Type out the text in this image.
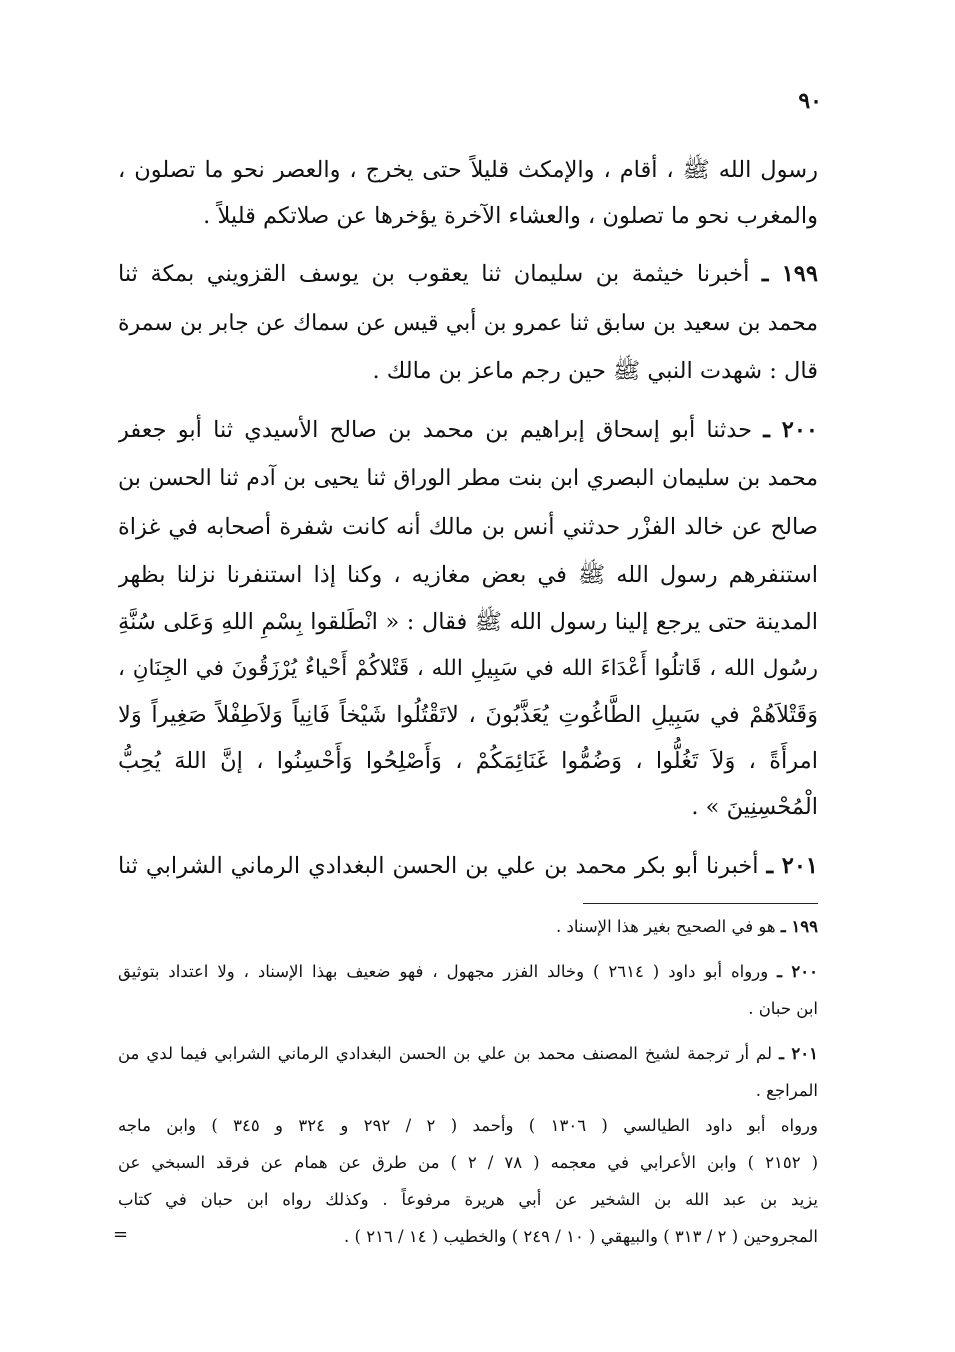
٩٠
رسول الله ﷺ ، أقام ، والإمكث قليلاً حتى يخرج ، والعصر نحو ما تصلون ،
والمغرب نحو ما تصلون ، والعشاء الآخرة يؤخرها عن صلاتكم قليلاً .
١٩٩ ـ أخبرنا خيثمة بن سليمان ثنا يعقوب بن يوسف القزويني بمكة ثنا
محمد بن سعيد بن سابق ثنا عمرو بن أبي قيس عن سماك عن جابر بن سمرة
قال : شهدت النبي ﷺ حين رجم ماعز بن مالك .
٢٠٠ ـ حدثنا أبو إسحاق إبراهيم بن محمد بن صالح الأسيدي ثنا أبو جعفر
محمد بن سليمان البصري ابن بنت مطر الوراق ثنا يحيى بن آدم ثنا الحسن بن
صالح عن خالد الفزْر حدثني أنس بن مالك أنه كانت شفرة أصحابه في غزاة
استنفرهم رسول الله ﷺ في بعض مغازيه ، وكنا إذا استنفرنا نزلنا بظهر
المدينة حتى يرجع إلينا رسول الله ﷺ فقال : « انْطَلقوا بِسْمِ اللهِ وَعَلى سُنَّةِ
رسُول الله ، قَاتلُوا أَعْدَاءَ الله في سَبِيلِ الله ، قَتْلاكُمْ أَحْياءٌ يُرْزَقُونَ في الجِنَانِ ،
وَقَتْلاَهُمْ في سَبِيلِ الطَّاغُوتِ يُعَذَّبُونَ ، لاتَقْتُلُوا شَيْخاً فَانِياً وَلاَطِفْلاً صَغِيراً وَلا
امرأَةً ، وَلاَ تَغُلُّوا ، وَضُمُّوا غَنَائِمَكُمْ ، وَأَصْلِحُوا وَأَحْسِنُوا ، إنَّ اللهَ يُحِبُّ
الْمُحْسِنِينَ » .
٢٠١ ـ أخبرنا أبو بكر محمد بن علي بن الحسن البغدادي الرماني الشرابي ثنا
١٩٩ ـ هو في الصحيح بغير هذا الإسناد .
٢٠٠ ـ ورواه أبو داود ( ٢٦١٤ ) وخالد الفزر مجهول ، فهو ضعيف بهذا الإسناد ، ولا اعتداد بتوثيق
ابن حبان .
٢٠١ ـ لم أر ترجمة لشيخ المصنف محمد بن علي بن الحسن البغدادي الرماني الشرابي فيما لدي من
المراجع .
ورواه أبو داود الطيالسي ( ١٣٠٦ ) وأحمد ( ٢ / ٢٩٢ و ٣٢٤ و ٣٤٥ ) وابن ماجه
( ٢١٥٢ ) وابن الأعرابي في معجمه ( ٧٨ / ٢ ) من طرق عن همام عن فرقد السبخي عن
يزيد بن عبد الله بن الشخير عن أبي هريرة مرفوعاً . وكذلك رواه ابن حبان في كتاب
المجروحين ( ٢ / ٣١٣ ) والبيهقي ( ١٠ / ٢٤٩ ) والخطيب ( ١٤ / ٢١٦ ) .
=
